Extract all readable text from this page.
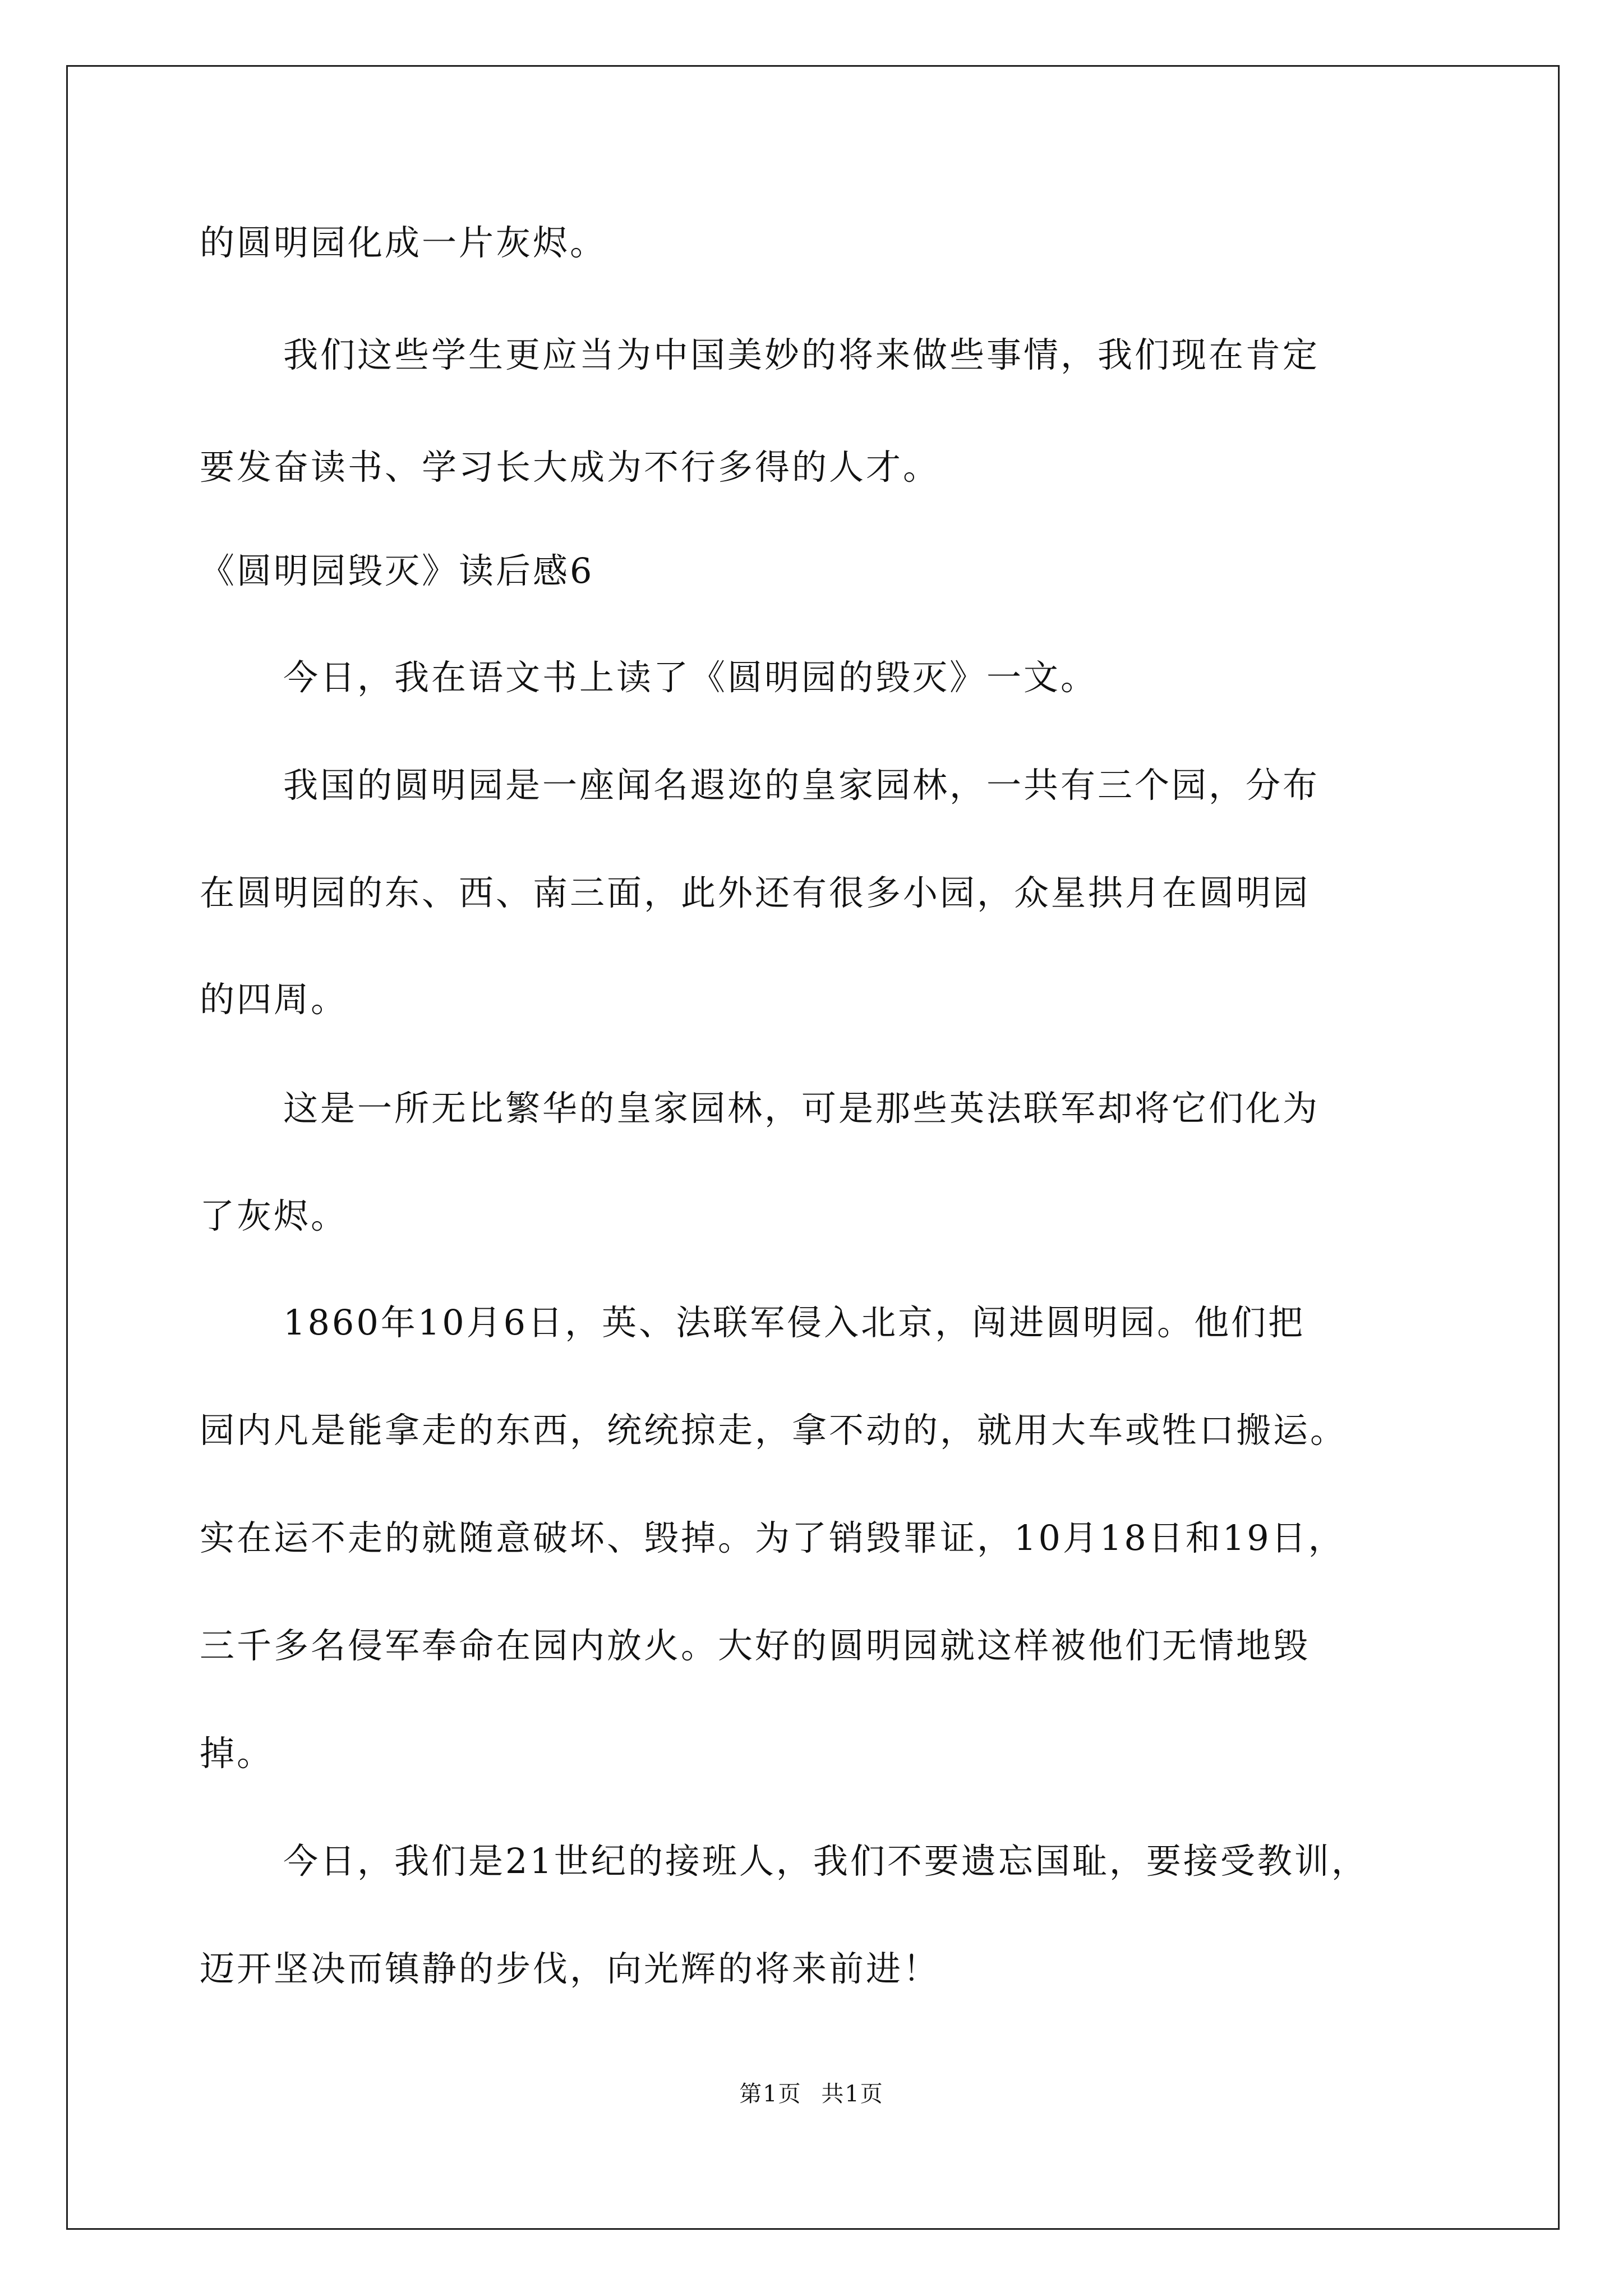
的圆明园化成一片灰烬。
我们这些学生更应当为中国美妙的将来做些事情，我们现在肯定
要发奋读书、学习长大成为不行多得的人才。
《圆明园毁灭》读后感6
今日，我在语文书上读了《圆明园的毁灭》一文。
我国的圆明园是一座闻名遐迩的皇家园林，一共有三个园，分布
在圆明园的东、西、南三面，此外还有很多小园，众星拱月在圆明园
的四周。
这是一所无比繁华的皇家园林，可是那些英法联军却将它们化为
了灰烬。
1860年10月6日，英、法联军侵入北京，闯进圆明园。他们把
园内凡是能拿走的东西，统统掠走，拿不动的，就用大车或牲口搬运。
实在运不走的就随意破坏、毁掉。为了销毁罪证，10月18日和19日，
三千多名侵军奉命在园内放火。大好的圆明园就这样被他们无情地毁
掉。
今日，我们是21世纪的接班人，我们不要遗忘国耻，要接受教训，
迈开坚决而镇静的步伐，向光辉的将来前进！
第1页 共1页
